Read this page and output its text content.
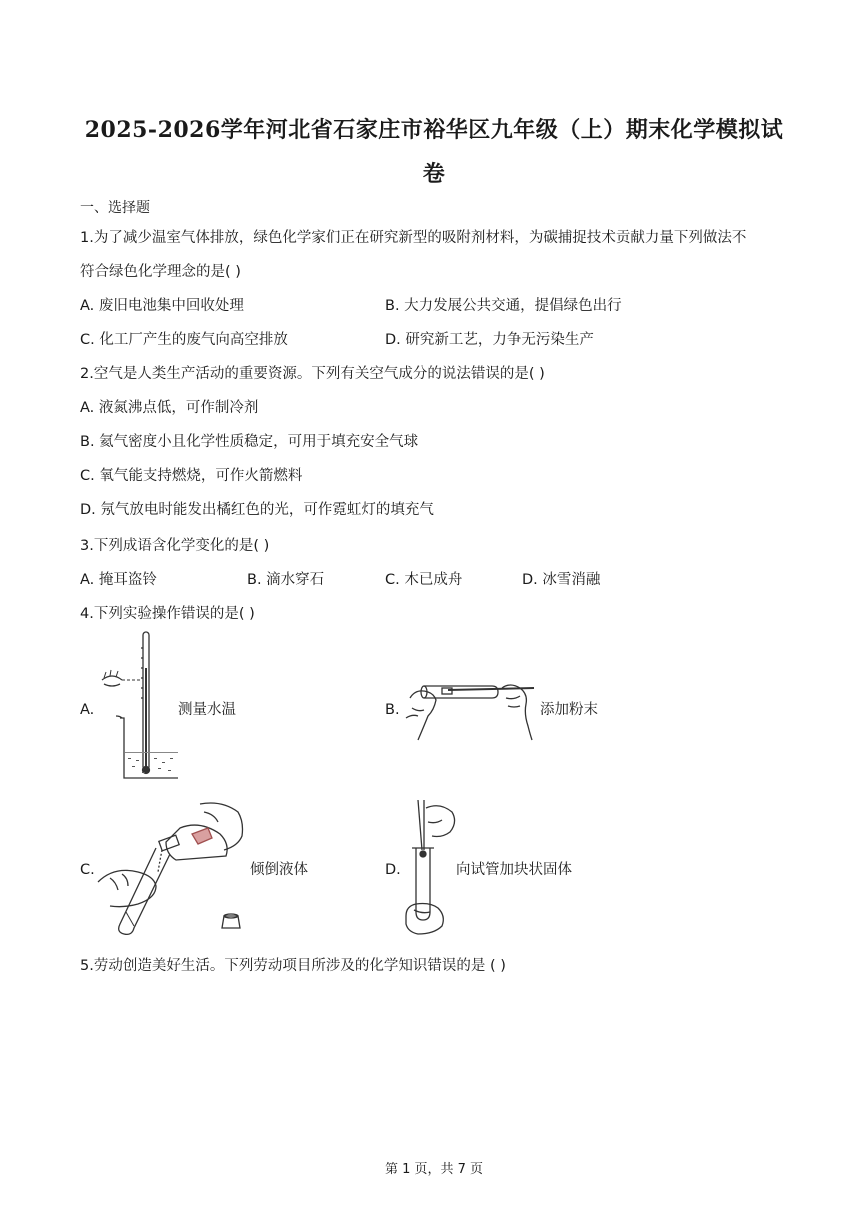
2025-2026学年河北省石家庄市裕华区九年级（上）期末化学模拟试
卷
一、选择题
1.为了减少温室气体排放，绿色化学家们正在研究新型的吸附剂材料，为碳捕捉技术贡献力量下列做法不
符合绿色化学理念的是( )
A. 废旧电池集中回收处理	B. 大力发展公共交通，提倡绿色出行
C. 化工厂产生的废气向高空排放	D. 研究新工艺，力争无污染生产
2.空气是人类生产活动的重要资源。下列有关空气成分的说法错误的是( )
A. 液氮沸点低，可作制冷剂
B. 氦气密度小且化学性质稳定，可用于填充安全气球
C. 氧气能支持燃烧，可作火箭燃料
D. 氖气放电时能发出橘红色的光，可作霓虹灯的填充气
3.下列成语含化学变化的是( )
A. 掩耳盗铃	B. 滴水穿石	C. 木已成舟	D. 冰雪消融
4.下列实验操作错误的是( )
A.	测量水温	B.	添加粉末
C.	倾倒液体	D.	向试管加块状固体
5.劳动创造美好生活。下列劳动项目所涉及的化学知识错误的是 ( )
第 1 页，共 7 页
